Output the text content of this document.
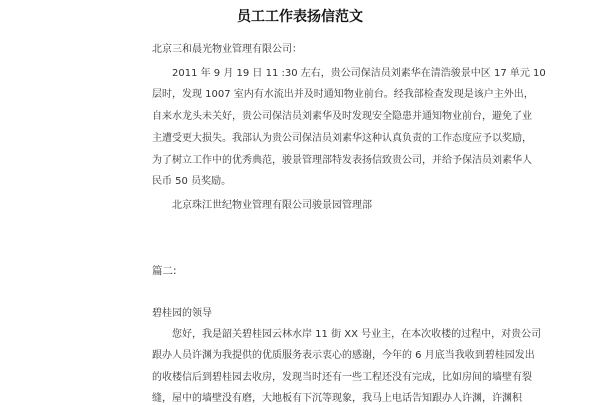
员工工作表扬信范文
北京三和晨光物业管理有限公司：
2011 年 9 月 19 日 11 :30 左右，贵公司保洁员刘素华在清浩骏景中区 17 单元 10
层时，发现 1007 室内有水流出并及时通知物业前台。经我部检查发现是该户主外出，
自来水龙头未关好，贵公司保洁员刘素华及时发现安全隐患并通知物业前台，避免了业
主遭受更大损失。我部认为贵公司保洁员刘素华这种认真负责的工作态度应予以奖励，
为了树立工作中的优秀典范，骏景管理部特发表扬信致贵公司，并给予保洁员刘素华人
民币 50 员奖励。
北京珠江世纪物业管理有限公司骏景园管理部
篇二:
碧桂园的领导
您好，我是韶关碧桂园云林水岸 11 街 XX 号业主，在本次收楼的过程中，对贵公司
跟办人员许渊为我提供的优质服务表示衷心的感谢，今年的 6 月底当我收到碧桂园发出
的收楼信后到碧桂园去收房，发现当时还有一些工程还没有完成，比如房间的墙壁有裂
缝，屋中的墙壁没有磨，大地板有下沉等现象，我马上电话告知跟办人许渊，许渊积
